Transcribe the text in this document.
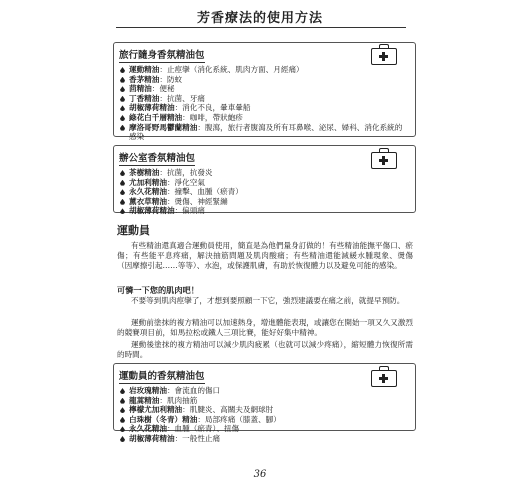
芳香療法的使用方法
旅行隨身香氛精油包
運動精油：止痙攣（消化系統、肌肉方面、月經痛）
香茅精油：防蚊
茴精油：便秘
丁香精油：抗菌、牙痛
胡椒薄荷精油：消化不良，暈車暈船
綠花白千層精油：咖啡，帶狀皰疹
摩洛哥野馬鬱蘭精油：腹瀉，旅行者腹瀉及所有耳鼻喉、泌尿、婦科、消化系統的感染
辦公室香氛精油包
茶樹精油：抗菌，抗發炎
尤加利精油：淨化空氣
永久花精油：撞擊、血腫（瘀青）
薰衣草精油：燙傷、神經緊繃
胡椒薄荷精油：偏頭痛
運動員
有些精油還真適合運動員使用，簡直是為他們量身訂做的！有些精油能撫平傷口、瘀傷；有些能平息疼痛，解決抽筋問題及肌肉酸痛；有些精油還能減緩水腫現象、燙傷（因摩擦引起……等等）、水泡，或保護肌膚，有助於恢復體力以及避免可能的感染。
可憐一下您的肌肉吧！
不要等到肌肉痙攣了，才想到要照顧一下它，強烈建議要在痛之前，就提早預防。
運動前塗抹的複方精油可以加速熱身，增進體能表現，或讓您在開始一項又久又激烈的競賽項目前，如馬拉松或鐵人三項比賽，能好好集中精神。
運動後塗抹的複方精油可以減少肌肉疲累（也就可以減少疼痛），縮短體力恢復所需的時間。
運動員的香氛精油包
岩玫瑰精油：會流血的傷口
龍蒿精油：肌肉抽筋
檸檬尤加利精油：肌腱炎、高關夫及網球肘
白珠樹（冬青）精油：局部疼痛（膝蓋、腳）
永久花精油：血腫（瘀青）、扭傷
胡椒薄荷精油：一般性止痛
36
